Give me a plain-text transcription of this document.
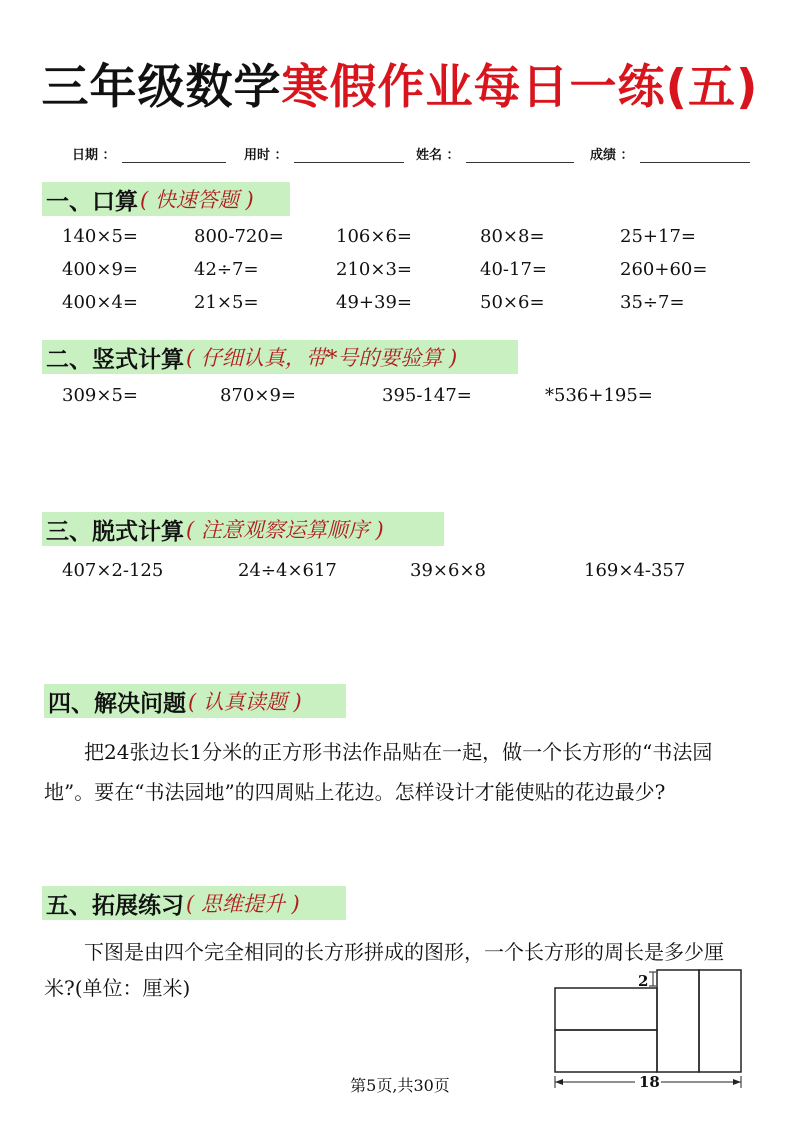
三年级数学寒假作业每日一练(五)
日期 ：	用时 ：	姓名 ：	成绩 ：
一、口算 ( 快速答题 )
140×5=	800-720=	106×6=	80×8=	25+17=
400×9=	42÷7=	210×3=	40-17=	260+60=
400×4=	21×5=	49+39=	50×6=	35÷7=
二、竖式计算 ( 仔细认真，带*号的要验算 )
309×5=	870×9=	395-147=	*536+195=
三、脱式计算 ( 注意观察运算顺序 )
407×2-125	24÷4×617	39×6×8	169×4-357
四、解决问题 ( 认真读题 )
把24张边长1分米的正方形书法作品贴在一起，做一个长方形的“书法园
地”。要在“书法园地”的四周贴上花边。怎样设计才能使贴的花边最少?
五、拓展练习 ( 思维提升 )
下图是由四个完全相同的长方形拼成的图形，一个长方形的周长是多少厘
米?(单位：厘米)	2
18
第5页,共30页
